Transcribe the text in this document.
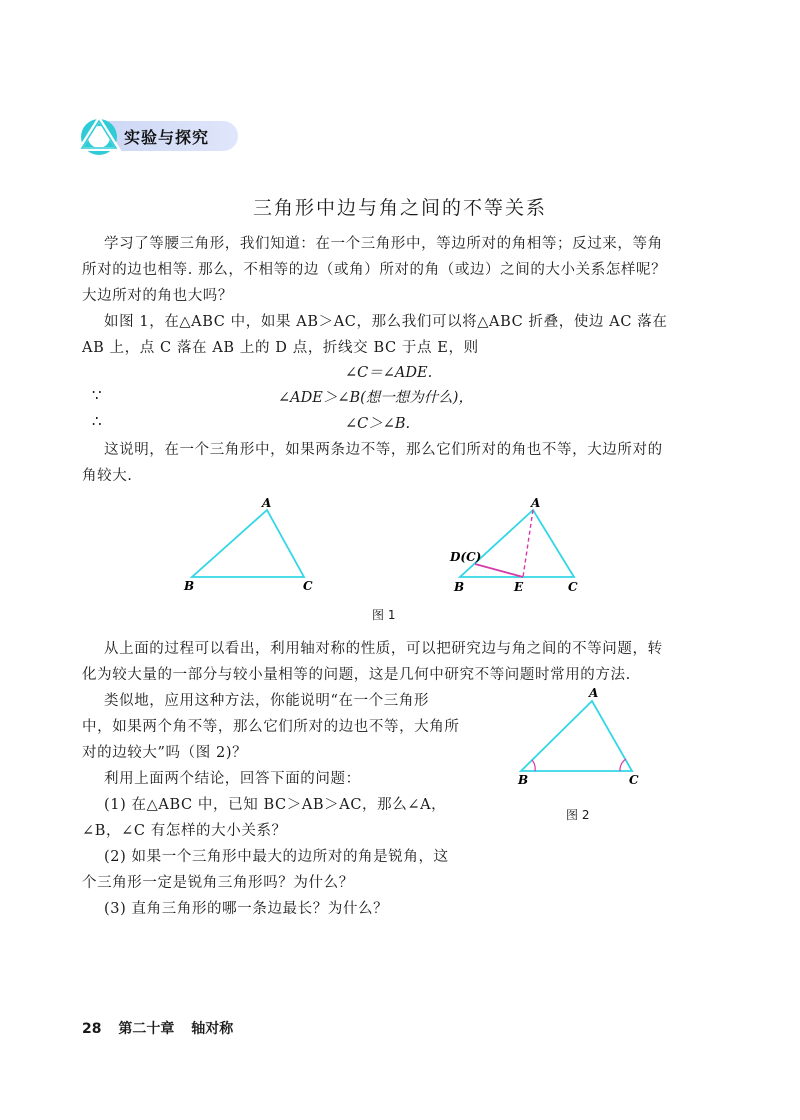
实验与探究
三角形中边与角之间的不等关系
学习了等腰三角形，我们知道：在一个三角形中，等边所对的角相等；反过来，等角
所对的边也相等. 那么，不相等的边（或角）所对的角（或边）之间的大小关系怎样呢？
大边所对的角也大吗？
如图 1，在△ABC 中，如果 AB＞AC，那么我们可以将△ABC 折叠，使边 AC 落在
AB 上，点 C 落在 AB 上的 D 点，折线交 BC 于点 E，则
∠C＝∠ADE.
∵	∠ADE＞∠B(想一想为什么)，
∴	∠C＞∠B.
这说明，在一个三角形中，如果两条边不等，那么它们所对的角也不等，大边所对的
角较大.
A
B	C
A
D(C)
B	E	C
图 1
从上面的过程可以看出，利用轴对称的性质，可以把研究边与角之间的不等问题，转
化为较大量的一部分与较小量相等的问题，这是几何中研究不等问题时常用的方法.
类似地，应用这种方法，你能说明“在一个三角形
中，如果两个角不等，那么它们所对的边也不等，大角所
对的边较大”吗（图 2)？
利用上面两个结论，回答下面的问题：
(1) 在△ABC 中，已知 BC＞AB＞AC，那么∠A，
∠B，∠C 有怎样的大小关系？
(2) 如果一个三角形中最大的边所对的角是锐角，这
个三角形一定是锐角三角形吗？为什么？
(3) 直角三角形的哪一条边最长？为什么？
A
B	C
图 2
28 第二十章 轴对称
